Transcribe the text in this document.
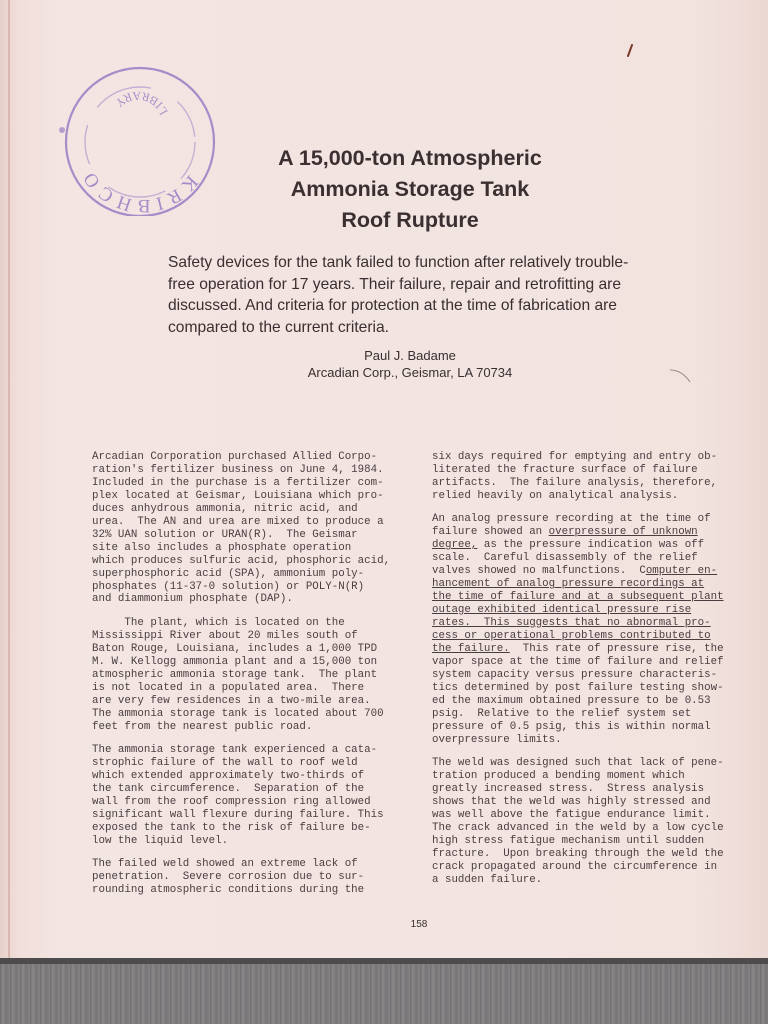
KRIBHCO
LIBRARY
A 15,000-ton Atmospheric
Ammonia Storage Tank
Roof Rupture
Safety devices for the tank failed to function after relatively trouble-
free operation for 17 years. Their failure, repair and retrofitting are
discussed. And criteria for protection at the time of fabrication are
compared to the current criteria.
Paul J. Badame
Arcadian Corp., Geismar, LA 70734
Arcadian Corporation purchased Allied Corpo-
ration's fertilizer business on June 4, 1984.
Included in the purchase is a fertilizer com-
plex located at Geismar, Louisiana which pro-
duces anhydrous ammonia, nitric acid, and
urea.  The AN and urea are mixed to produce a
32% UAN solution or URAN(R).  The Geismar
site also includes a phosphate operation
which produces sulfuric acid, phosphoric acid,
superphosphoric acid (SPA), ammonium poly-
phosphates (11-37-0 solution) or POLY-N(R)
and diammonium phosphate (DAP).
The plant, which is located on the
Mississippi River about 20 miles south of
Baton Rouge, Louisiana, includes a 1,000 TPD
M. W. Kellogg ammonia plant and a 15,000 ton
atmospheric ammonia storage tank.  The plant
is not located in a populated area.  There
are very few residences in a two-mile area.
The ammonia storage tank is located about 700
feet from the nearest public road.
The ammonia storage tank experienced a cata-
strophic failure of the wall to roof weld
which extended approximately two-thirds of
the tank circumference.  Separation of the
wall from the roof compression ring allowed
significant wall flexure during failure. This
exposed the tank to the risk of failure be-
low the liquid level.
The failed weld showed an extreme lack of
penetration.  Severe corrosion due to sur-
rounding atmospheric conditions during the
six days required for emptying and entry ob-
literated the fracture surface of failure
artifacts.  The failure analysis, therefore,
relied heavily on analytical analysis.
An analog pressure recording at the time of
failure showed an overpressure of unknown
degree, as the pressure indication was off
scale.  Careful disassembly of the relief
valves showed no malfunctions.  Computer en-
hancement of analog pressure recordings at
the time of failure and at a subsequent plant
outage exhibited identical pressure rise
rates.  This suggests that no abnormal pro-
cess or operational problems contributed to
the failure.  This rate of pressure rise, the
vapor space at the time of failure and relief
system capacity versus pressure characteris-
tics determined by post failure testing show-
ed the maximum obtained pressure to be 0.53
psig.  Relative to the relief system set
pressure of 0.5 psig, this is within normal
overpressure limits.
The weld was designed such that lack of pene-
tration produced a bending moment which
greatly increased stress.  Stress analysis
shows that the weld was highly stressed and
was well above the fatigue endurance limit.
The crack advanced in the weld by a low cycle
high stress fatigue mechanism until sudden
fracture.  Upon breaking through the weld the
crack propagated around the circumference in
a sudden failure.
158
